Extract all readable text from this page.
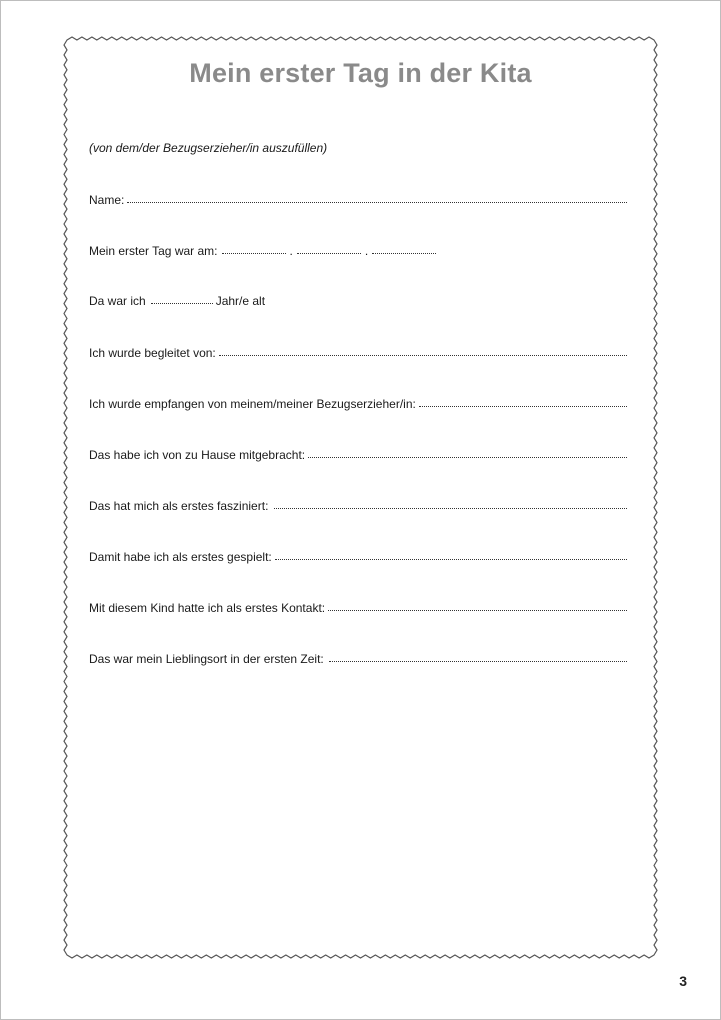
Mein erster Tag in der Kita
(von dem/der Bezugserzieher/in auszufüllen)
Name:
Mein erster Tag war am:	.	.
Da war ich	Jahr/e alt
Ich wurde begleitet von:
Ich wurde empfangen von meinem/meiner Bezugserzieher/in:
Das habe ich von zu Hause mitgebracht:
Das hat mich als erstes fasziniert:
Damit habe ich als erstes gespielt:
Mit diesem Kind hatte ich als erstes Kontakt:
Das war mein Lieblingsort in der ersten Zeit:
3
